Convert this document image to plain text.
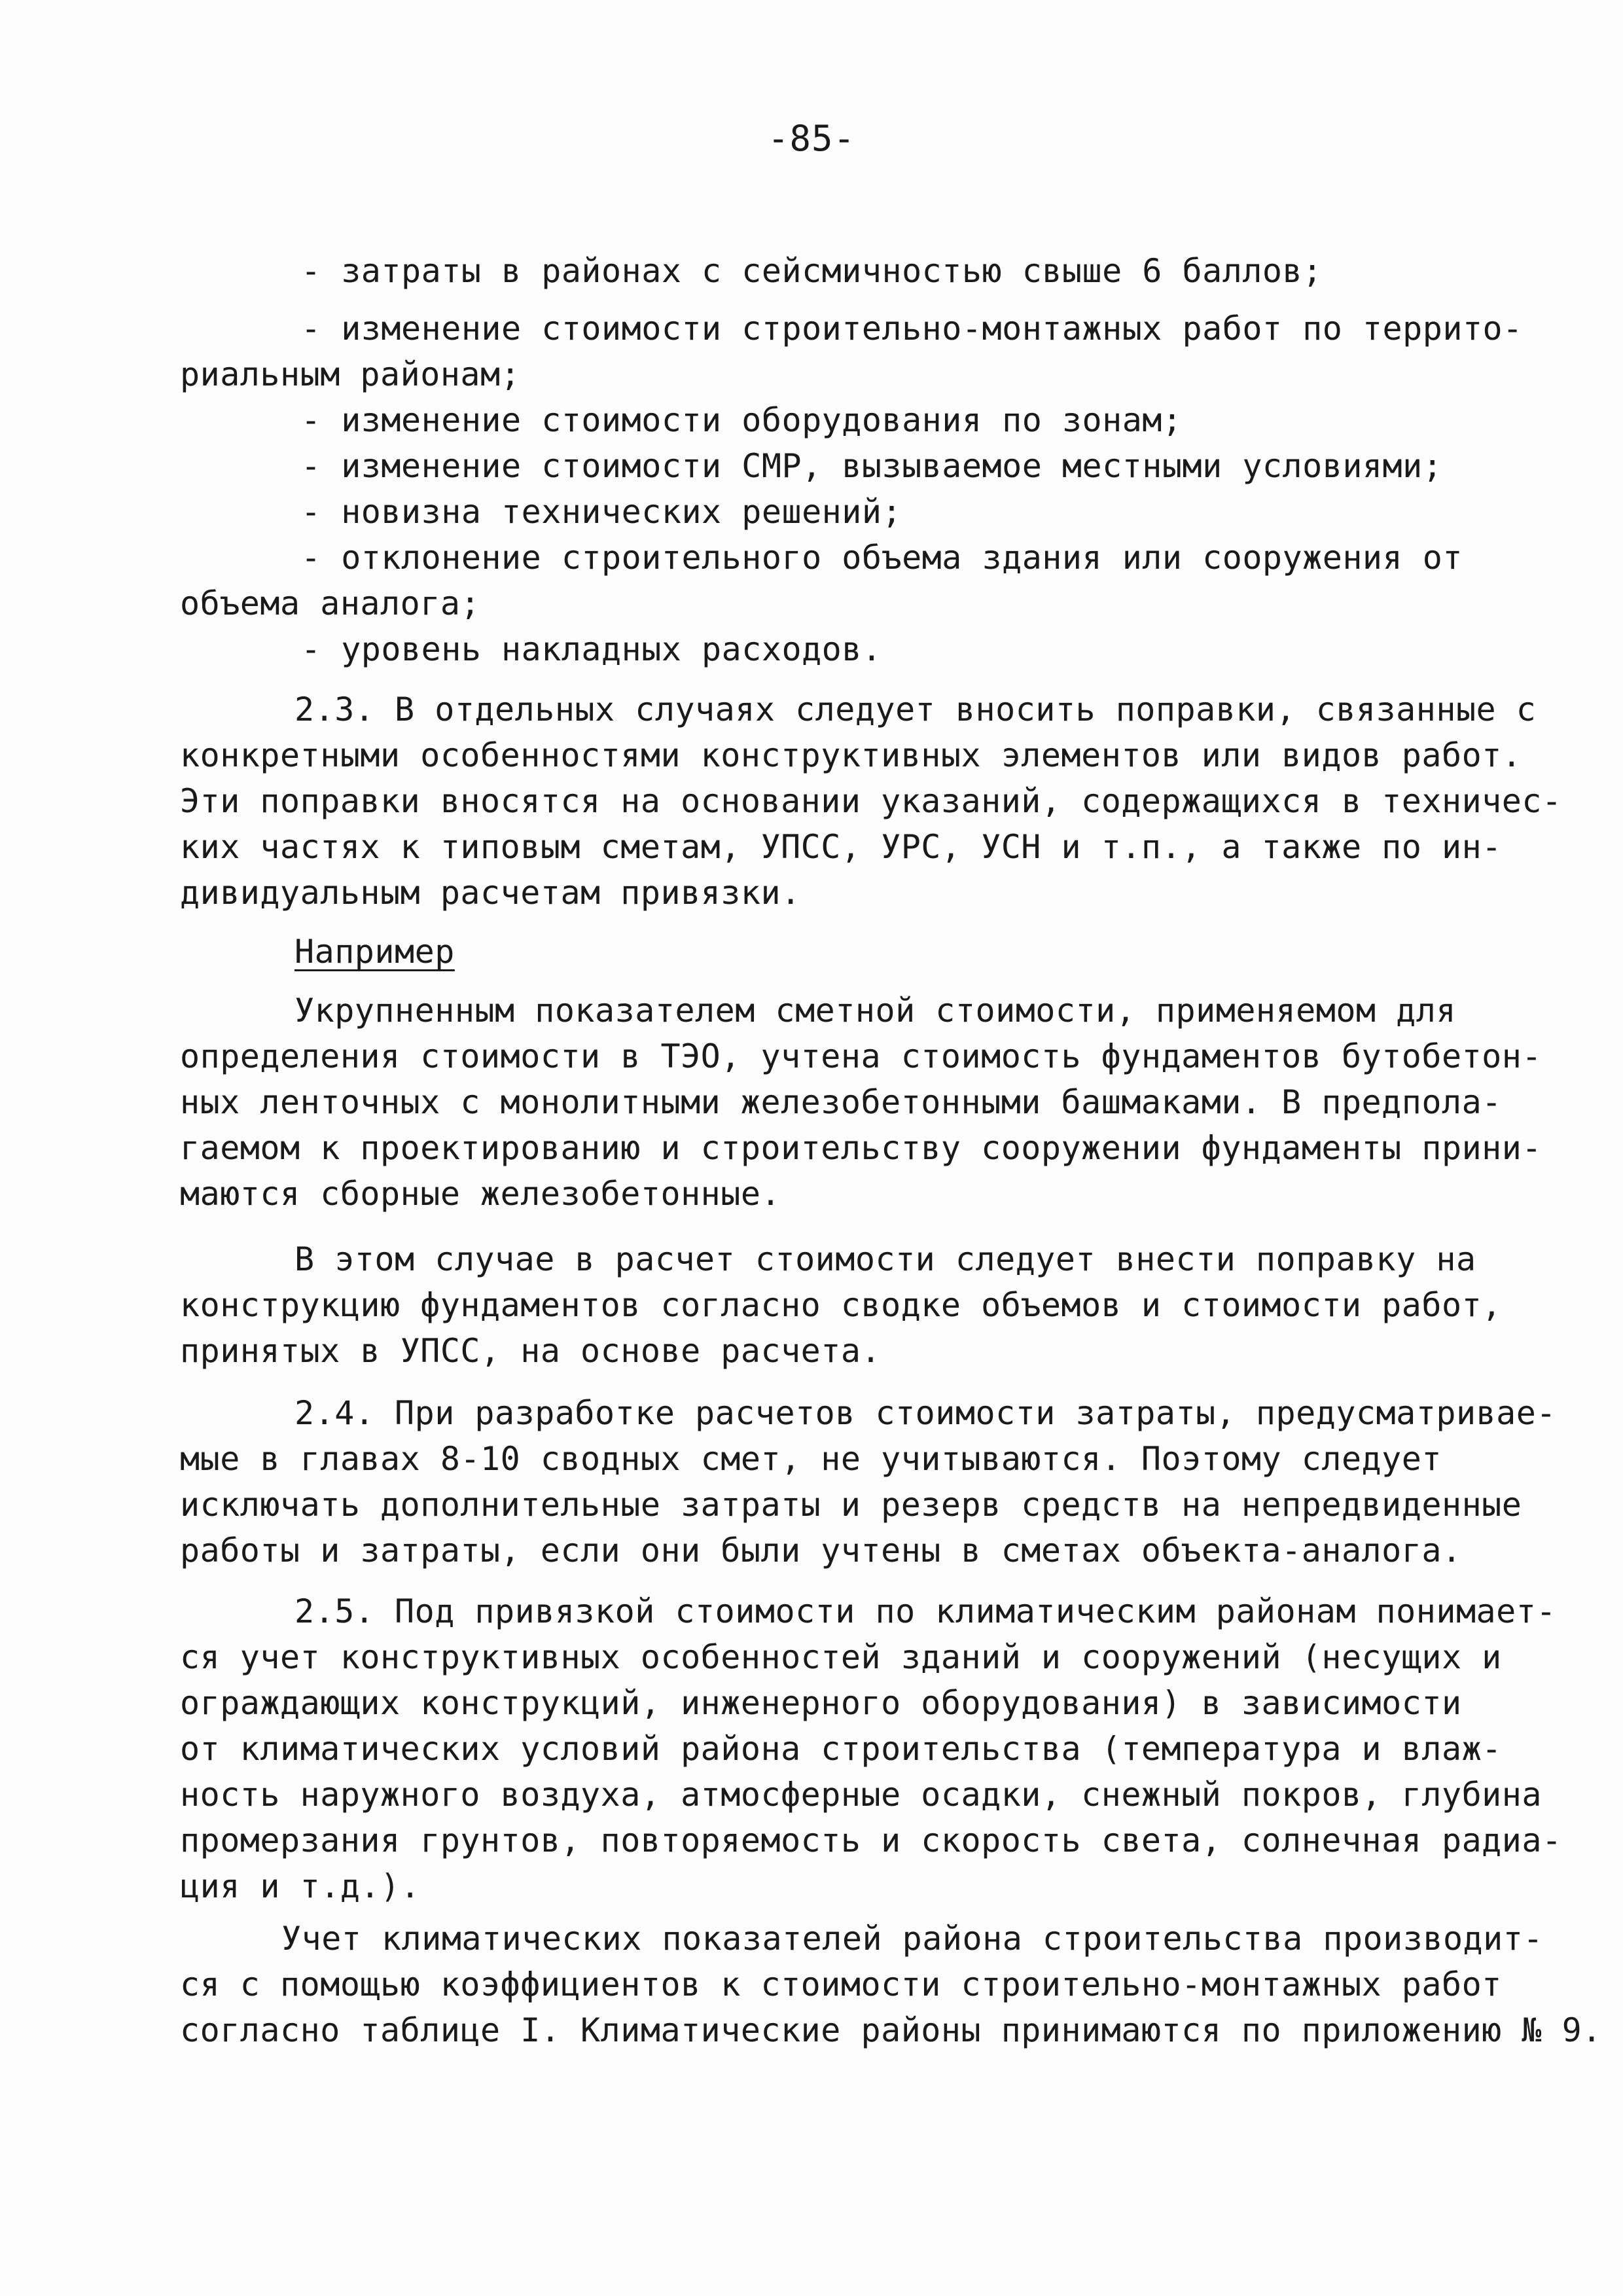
-85-
- затраты в районах с сейсмичностью свыше 6 баллов;
- изменение стоимости строительно-монтажных работ по террито-
риальным районам;
- изменение стоимости оборудования по зонам;
- изменение стоимости СМР, вызываемое местными условиями;
- новизна технических решений;
- отклонение строительного объема здания или сооружения от
объема аналога;
- уровень накладных расходов.
2.3. В отдельных случаях следует вносить поправки, связанные с
конкретными особенностями конструктивных элементов или видов работ.
Эти поправки вносятся на основании указаний, содержащихся в техничес-
ких частях к типовым сметам, УПСС, УРС, УСН и т.п., а также по ин-
дивидуальным расчетам привязки.
Например
Укрупненным показателем сметной стоимости, применяемом для
определения стоимости в ТЭО, учтена стоимость фундаментов бутобетон-
ных ленточных с монолитными железобетонными башмаками. В предпола-
гаемом к проектированию и строительству сооружении фундаменты прини-
маются сборные железобетонные.
В этом случае в расчет стоимости следует внести поправку на
конструкцию фундаментов согласно сводке объемов и стоимости работ,
принятых в УПСС, на основе расчета.
2.4. При разработке расчетов стоимости затраты, предусматривае-
мые в главах 8-10 сводных смет, не учитываются. Поэтому следует
исключать дополнительные затраты и резерв средств на непредвиденные
работы и затраты, если они были учтены в сметах объекта-аналога.
2.5. Под привязкой стоимости по климатическим районам понимает-
ся учет конструктивных особенностей зданий и сооружений (несущих и
ограждающих конструкций, инженерного оборудования) в зависимости
от климатических условий района строительства (температура и влаж-
ность наружного воздуха, атмосферные осадки, снежный покров, глубина
промерзания грунтов, повторяемость и скорость света, солнечная радиа-
ция и т.д.).
Учет климатических показателей района строительства производит-
ся с помощью коэффициентов к стоимости строительно-монтажных работ
согласно таблице I. Климатические районы принимаются по приложению № 9.
